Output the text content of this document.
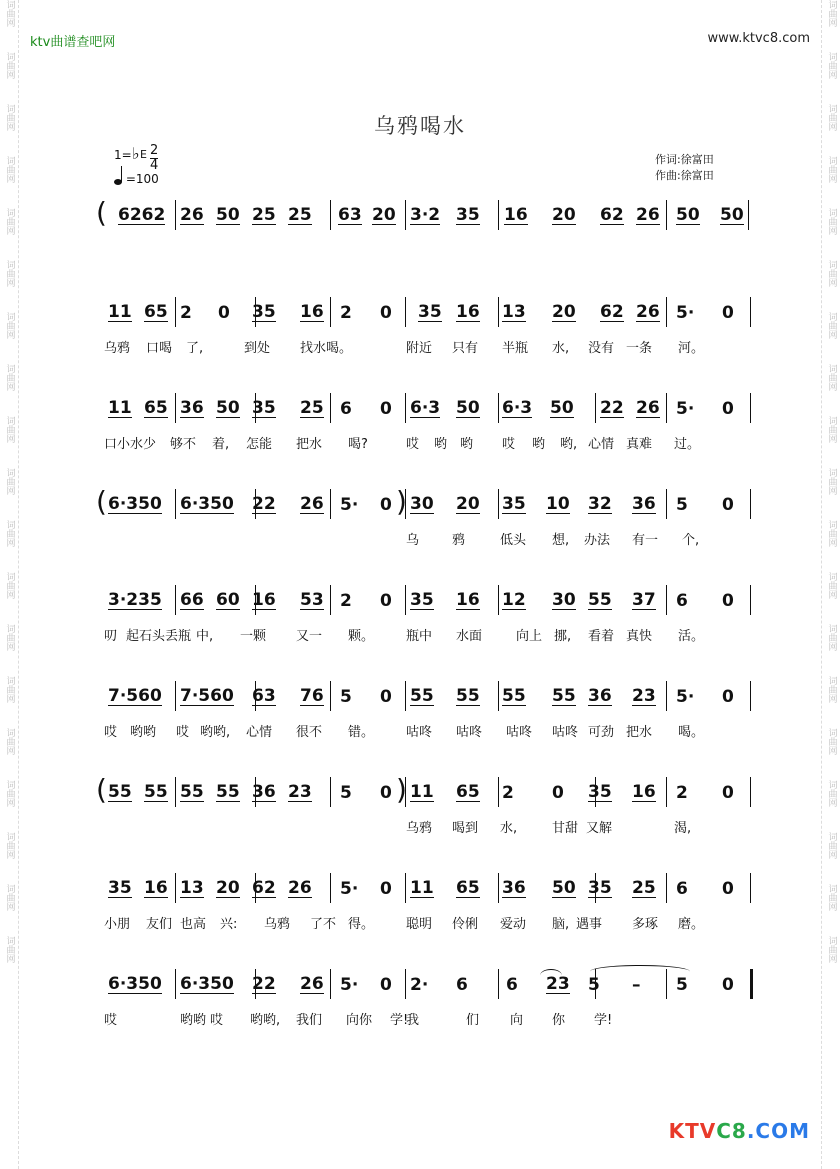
词曲网
词曲网
词曲网
词曲网
词曲网
词曲网
词曲网
词曲网
词曲网
词曲网
词曲网
词曲网
词曲网
词曲网
词曲网
词曲网
词曲网
词曲网
词曲网
词曲网
词曲网
词曲网
词曲网
词曲网
词曲网
词曲网
词曲网
词曲网
词曲网
词曲网
词曲网
词曲网
词曲网
词曲网
词曲网
词曲网
词曲网
词曲网
ktv曲谱查吧网	www.ktvc8.com
乌鸦喝水
1= ♭ E 2
4
=100
作词:徐富田
作曲:徐富田
( 6262 26 50 25 25 63 20 3·2 35 16 20 62 26 50 50
11 65 2 0 35 16 2 0 35 16 13 20 62 26 5· 0
乌鸦 口喝 了,	到处 找水喝。	附近 只有 半瓶 水, 没有 一条 河。
11 65 36 50 35 25 6 0 6·3 50 6·3 50 22 26 5· 0
口小水少 够不 着, 怎能 把水 喝?	哎 哟 哟 哎 哟 哟, 心情 真难 过。
(	)
6·350 6·350 22 26 5· 0 30 20 35 10 32 36 5 0
乌	鸦	低头 想, 办法 有一 个,
3·235 66 60 16 53 2 0 35 16 12 30 55 37 6 0
叨 起石头丢瓶 中, 一颗 又一 颗。 瓶中 水面	向上 挪, 看着 真快 活。
7·560 7·560 63 76 5 0 55 55 55 55 36 23 5· 0
哎 哟哟 哎 哟哟, 心情 很不 错。 咕咚 咕咚 咕咚 咕咚 可劲 把水 喝。
(	)
55 55 55 55 36 23 5 0 11 65 2 0 35 16 2 0
乌鸦 喝到 水,	甘甜 又解	渴,
35 16 13 20 62 26 5· 0 11 65 36 50 35 25 6 0
小朋 友们 也高 兴: 乌鸦 了不 得。 聪明 伶俐 爱动 脑, 遇事 多琢 磨。
6·350 6·350 22 26 5· 0 2· 6 6 23 5 – 5 0
哎	哟哟 哎 哟哟, 我们 向你 学!
我	们 向 你 学!
KTVC8.COM
